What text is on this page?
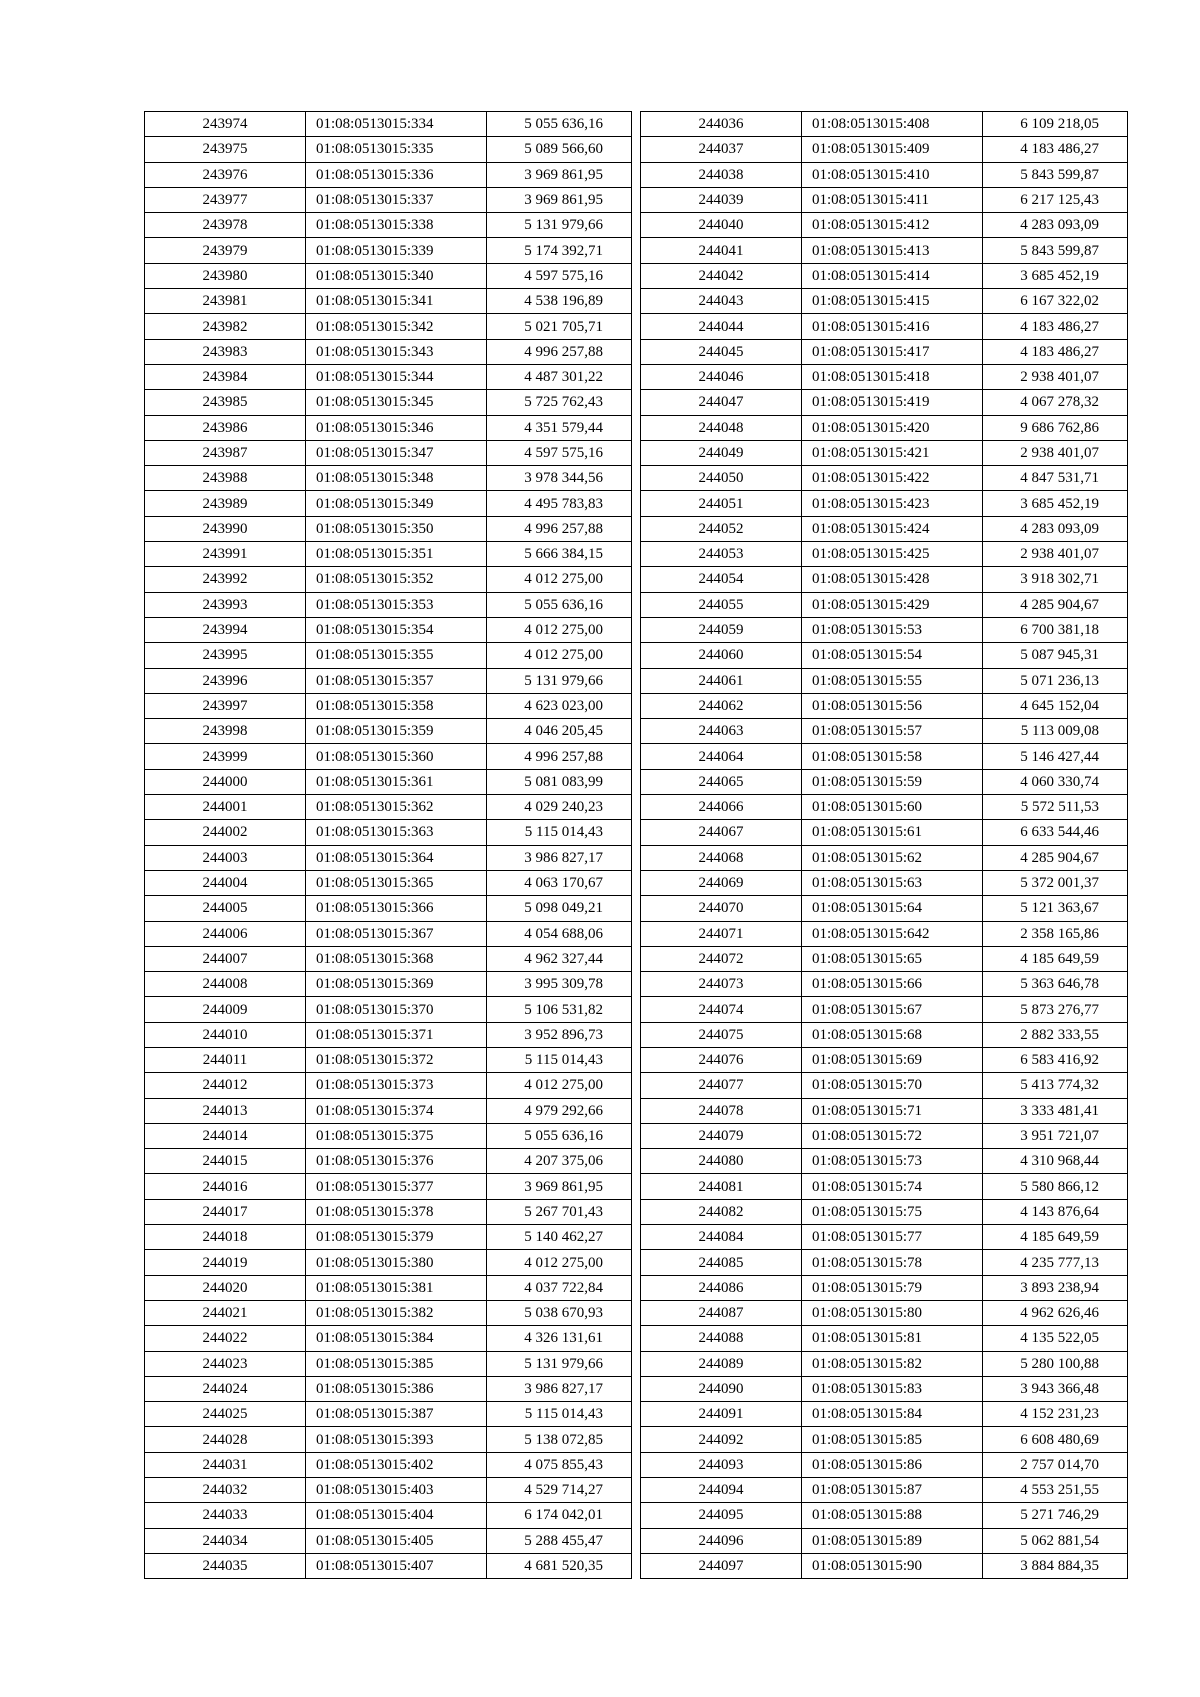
243974	01:08:0513015:334	5 055 636,16
243975	01:08:0513015:335	5 089 566,60
243976	01:08:0513015:336	3 969 861,95
243977	01:08:0513015:337	3 969 861,95
243978	01:08:0513015:338	5 131 979,66
243979	01:08:0513015:339	5 174 392,71
243980	01:08:0513015:340	4 597 575,16
243981	01:08:0513015:341	4 538 196,89
243982	01:08:0513015:342	5 021 705,71
243983	01:08:0513015:343	4 996 257,88
243984	01:08:0513015:344	4 487 301,22
243985	01:08:0513015:345	5 725 762,43
243986	01:08:0513015:346	4 351 579,44
243987	01:08:0513015:347	4 597 575,16
243988	01:08:0513015:348	3 978 344,56
243989	01:08:0513015:349	4 495 783,83
243990	01:08:0513015:350	4 996 257,88
243991	01:08:0513015:351	5 666 384,15
243992	01:08:0513015:352	4 012 275,00
243993	01:08:0513015:353	5 055 636,16
243994	01:08:0513015:354	4 012 275,00
243995	01:08:0513015:355	4 012 275,00
243996	01:08:0513015:357	5 131 979,66
243997	01:08:0513015:358	4 623 023,00
243998	01:08:0513015:359	4 046 205,45
243999	01:08:0513015:360	4 996 257,88
244000	01:08:0513015:361	5 081 083,99
244001	01:08:0513015:362	4 029 240,23
244002	01:08:0513015:363	5 115 014,43
244003	01:08:0513015:364	3 986 827,17
244004	01:08:0513015:365	4 063 170,67
244005	01:08:0513015:366	5 098 049,21
244006	01:08:0513015:367	4 054 688,06
244007	01:08:0513015:368	4 962 327,44
244008	01:08:0513015:369	3 995 309,78
244009	01:08:0513015:370	5 106 531,82
244010	01:08:0513015:371	3 952 896,73
244011	01:08:0513015:372	5 115 014,43
244012	01:08:0513015:373	4 012 275,00
244013	01:08:0513015:374	4 979 292,66
244014	01:08:0513015:375	5 055 636,16
244015	01:08:0513015:376	4 207 375,06
244016	01:08:0513015:377	3 969 861,95
244017	01:08:0513015:378	5 267 701,43
244018	01:08:0513015:379	5 140 462,27
244019	01:08:0513015:380	4 012 275,00
244020	01:08:0513015:381	4 037 722,84
244021	01:08:0513015:382	5 038 670,93
244022	01:08:0513015:384	4 326 131,61
244023	01:08:0513015:385	5 131 979,66
244024	01:08:0513015:386	3 986 827,17
244025	01:08:0513015:387	5 115 014,43
244028	01:08:0513015:393	5 138 072,85
244031	01:08:0513015:402	4 075 855,43
244032	01:08:0513015:403	4 529 714,27
244033	01:08:0513015:404	6 174 042,01
244034	01:08:0513015:405	5 288 455,47
244035	01:08:0513015:407	4 681 520,35
244036	01:08:0513015:408	6 109 218,05
244037	01:08:0513015:409	4 183 486,27
244038	01:08:0513015:410	5 843 599,87
244039	01:08:0513015:411	6 217 125,43
244040	01:08:0513015:412	4 283 093,09
244041	01:08:0513015:413	5 843 599,87
244042	01:08:0513015:414	3 685 452,19
244043	01:08:0513015:415	6 167 322,02
244044	01:08:0513015:416	4 183 486,27
244045	01:08:0513015:417	4 183 486,27
244046	01:08:0513015:418	2 938 401,07
244047	01:08:0513015:419	4 067 278,32
244048	01:08:0513015:420	9 686 762,86
244049	01:08:0513015:421	2 938 401,07
244050	01:08:0513015:422	4 847 531,71
244051	01:08:0513015:423	3 685 452,19
244052	01:08:0513015:424	4 283 093,09
244053	01:08:0513015:425	2 938 401,07
244054	01:08:0513015:428	3 918 302,71
244055	01:08:0513015:429	4 285 904,67
244059	01:08:0513015:53	6 700 381,18
244060	01:08:0513015:54	5 087 945,31
244061	01:08:0513015:55	5 071 236,13
244062	01:08:0513015:56	4 645 152,04
244063	01:08:0513015:57	5 113 009,08
244064	01:08:0513015:58	5 146 427,44
244065	01:08:0513015:59	4 060 330,74
244066	01:08:0513015:60	5 572 511,53
244067	01:08:0513015:61	6 633 544,46
244068	01:08:0513015:62	4 285 904,67
244069	01:08:0513015:63	5 372 001,37
244070	01:08:0513015:64	5 121 363,67
244071	01:08:0513015:642	2 358 165,86
244072	01:08:0513015:65	4 185 649,59
244073	01:08:0513015:66	5 363 646,78
244074	01:08:0513015:67	5 873 276,77
244075	01:08:0513015:68	2 882 333,55
244076	01:08:0513015:69	6 583 416,92
244077	01:08:0513015:70	5 413 774,32
244078	01:08:0513015:71	3 333 481,41
244079	01:08:0513015:72	3 951 721,07
244080	01:08:0513015:73	4 310 968,44
244081	01:08:0513015:74	5 580 866,12
244082	01:08:0513015:75	4 143 876,64
244084	01:08:0513015:77	4 185 649,59
244085	01:08:0513015:78	4 235 777,13
244086	01:08:0513015:79	3 893 238,94
244087	01:08:0513015:80	4 962 626,46
244088	01:08:0513015:81	4 135 522,05
244089	01:08:0513015:82	5 280 100,88
244090	01:08:0513015:83	3 943 366,48
244091	01:08:0513015:84	4 152 231,23
244092	01:08:0513015:85	6 608 480,69
244093	01:08:0513015:86	2 757 014,70
244094	01:08:0513015:87	4 553 251,55
244095	01:08:0513015:88	5 271 746,29
244096	01:08:0513015:89	5 062 881,54
244097	01:08:0513015:90	3 884 884,35
